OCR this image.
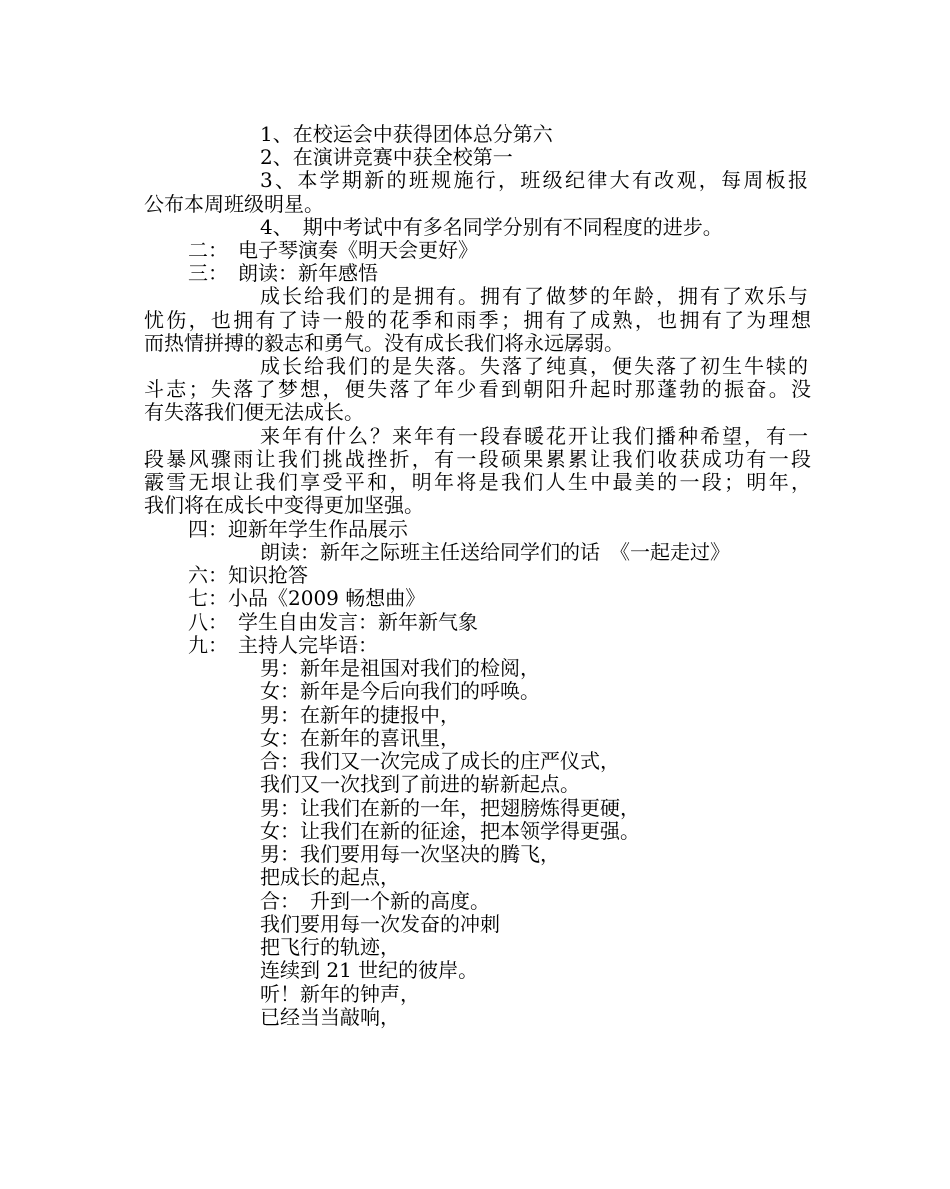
1、在校运会中获得团体总分第六
2、在演讲竞赛中获全校第一
3、本学期新的班规施行，班级纪律大有改观，每周板报
公布本周班级明星。
4、　期中考试中有多名同学分别有不同程度的进步。
二：　电子琴演奏《明天会更好》
三：　朗读：新年感悟
成长给我们的是拥有。拥有了做梦的年龄，拥有了欢乐与
忧伤，也拥有了诗一般的花季和雨季；拥有了成熟，也拥有了为理想
而热情拼搏的毅志和勇气。没有成长我们将永远孱弱。
成长给我们的是失落。失落了纯真，便失落了初生牛犊的
斗志；失落了梦想，便失落了年少看到朝阳升起时那蓬勃的振奋。没
有失落我们便无法成长。
来年有什么？来年有一段春暖花开让我们播种希望，有一
段暴风骤雨让我们挑战挫折，有一段硕果累累让我们收获成功有一段
霰雪无垠让我们享受平和，明年将是我们人生中最美的一段；明年，
我们将在成长中变得更加坚强。
四：迎新年学生作品展示
朗读：新年之际班主任送给同学们的话　《一起走过》
六：知识抢答
七：小品《2009 畅想曲》
八：　学生自由发言：新年新气象
九：　主持人完毕语：
男：新年是祖国对我们的检阅，
女：新年是今后向我们的呼唤。
男：在新年的捷报中，
女：在新年的喜讯里，
合：我们又一次完成了成长的庄严仪式，
我们又一次找到了前进的崭新起点。
男：让我们在新的一年，把翅膀炼得更硬，
女：让我们在新的征途，把本领学得更强。
男：我们要用每一次坚决的腾飞，
把成长的起点，
合：　升到一个新的高度。
我们要用每一次发奋的冲刺
把飞行的轨迹，
连续到 21 世纪的彼岸。
听！新年的钟声，
已经当当敲响，
